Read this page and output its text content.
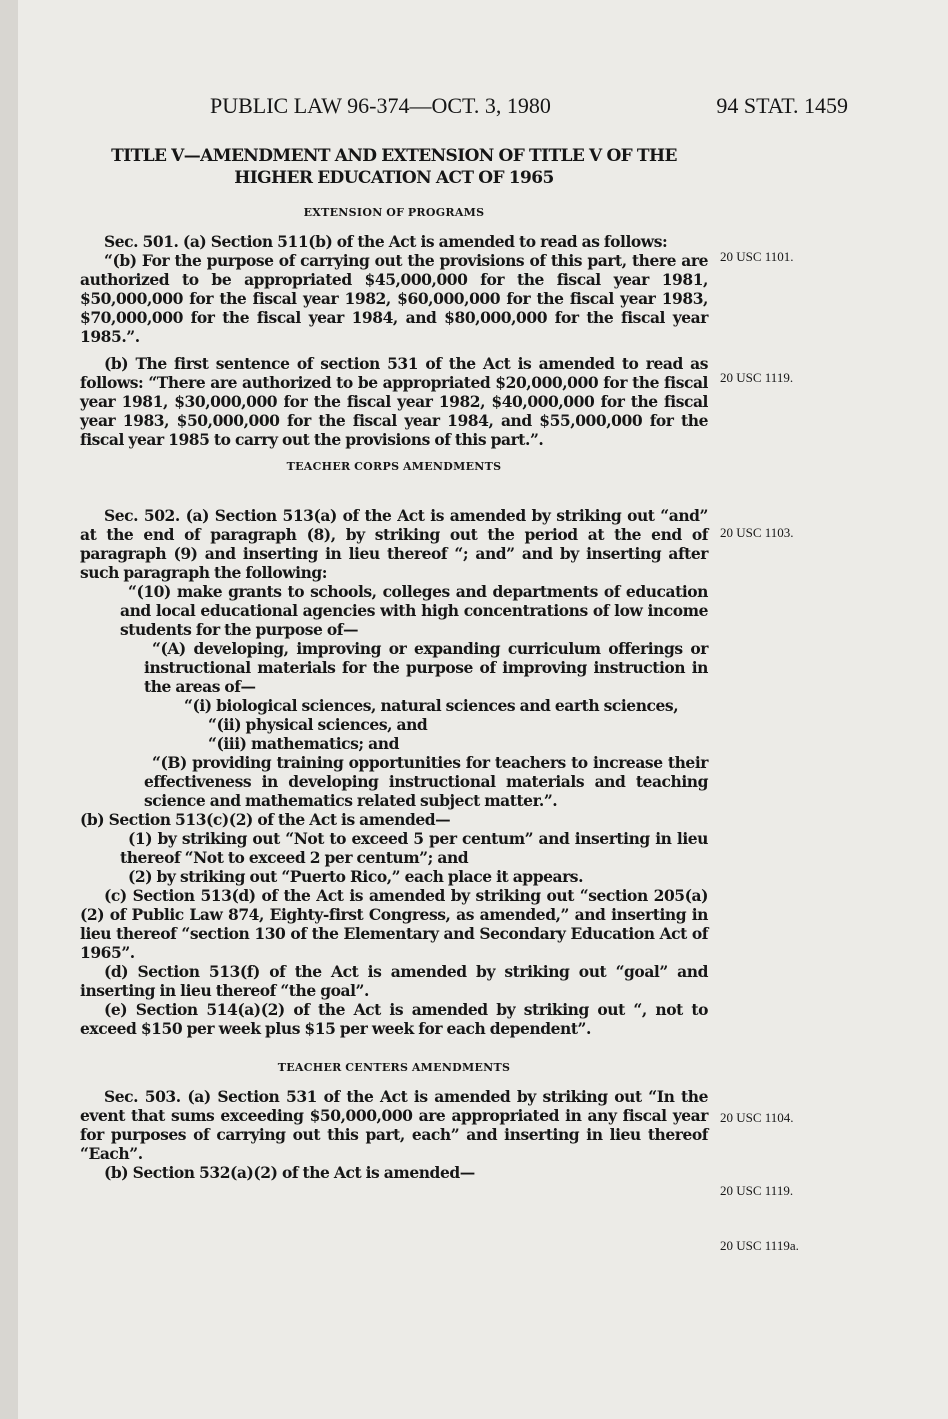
PUBLIC LAW 96-374—OCT. 3, 1980	94 STAT. 1459
TITLE V—AMENDMENT AND EXTENSION OF TITLE V OF THE
HIGHER EDUCATION ACT OF 1965
EXTENSION OF PROGRAMS

Sec. 501. (a) Section 511(b) of the Act is amended to read as follows:

“(b) For the purpose of carrying out the provisions of this part, there are authorized to be appropriated $45,000,000 for the fiscal year 1981, $50,000,000 for the fiscal year 1982, $60,000,000 for the fiscal year 1983, $70,000,000 for the fiscal year 1984, and $80,000,000 for the fiscal year 1985.”.

(b) The first sentence of section 531 of the Act is amended to read as follows: “There are authorized to be appropriated $20,000,000 for the fiscal year 1981, $30,000,000 for the fiscal year 1982, $40,000,000 for the fiscal year 1983, $50,000,000 for the fiscal year 1984, and $55,000,000 for the fiscal year 1985 to carry out the provisions of this part.”.

TEACHER CORPS AMENDMENTS

Sec. 502. (a) Section 513(a) of the Act is amended by striking out “and” at the end of paragraph (8), by striking out the period at the end of paragraph (9) and inserting in lieu thereof “; and” and by inserting after such paragraph the following:

“(10) make grants to schools, colleges and departments of education and local educational agencies with high concentrations of low income students for the purpose of—

“(A) developing, improving or expanding curriculum offerings or instructional materials for the purpose of improving instruction in the areas of—

“(i) biological sciences, natural sciences and earth sciences,

“(ii) physical sciences, and

“(iii) mathematics; and

“(B) providing training opportunities for teachers to increase their effectiveness in developing instructional materials and teaching science and mathematics related subject matter.”.

(b) Section 513(c)(2) of the Act is amended—

(1) by striking out “Not to exceed 5 per centum” and inserting in lieu thereof “Not to exceed 2 per centum”; and

(2) by striking out “Puerto Rico,” each place it appears.

(c) Section 513(d) of the Act is amended by striking out “section 205(a)(2) of Public Law 874, Eighty-first Congress, as amended,” and inserting in lieu thereof “section 130 of the Elementary and Secondary Education Act of 1965”.

(d) Section 513(f) of the Act is amended by striking out “goal” and inserting in lieu thereof “the goal”.

(e) Section 514(a)(2) of the Act is amended by striking out “, not to exceed $150 per week plus $15 per week for each dependent”.

TEACHER CENTERS AMENDMENTS

Sec. 503. (a) Section 531 of the Act is amended by striking out “In the event that sums exceeding $50,000,000 are appropriated in any fiscal year for purposes of carrying out this part, each” and inserting in lieu thereof “Each”.

(b) Section 532(a)(2) of the Act is amended—

20 USC 1101.
20 USC 1119.
20 USC 1103.
20 USC 1104.
20 USC 1119.
20 USC 1119a.
